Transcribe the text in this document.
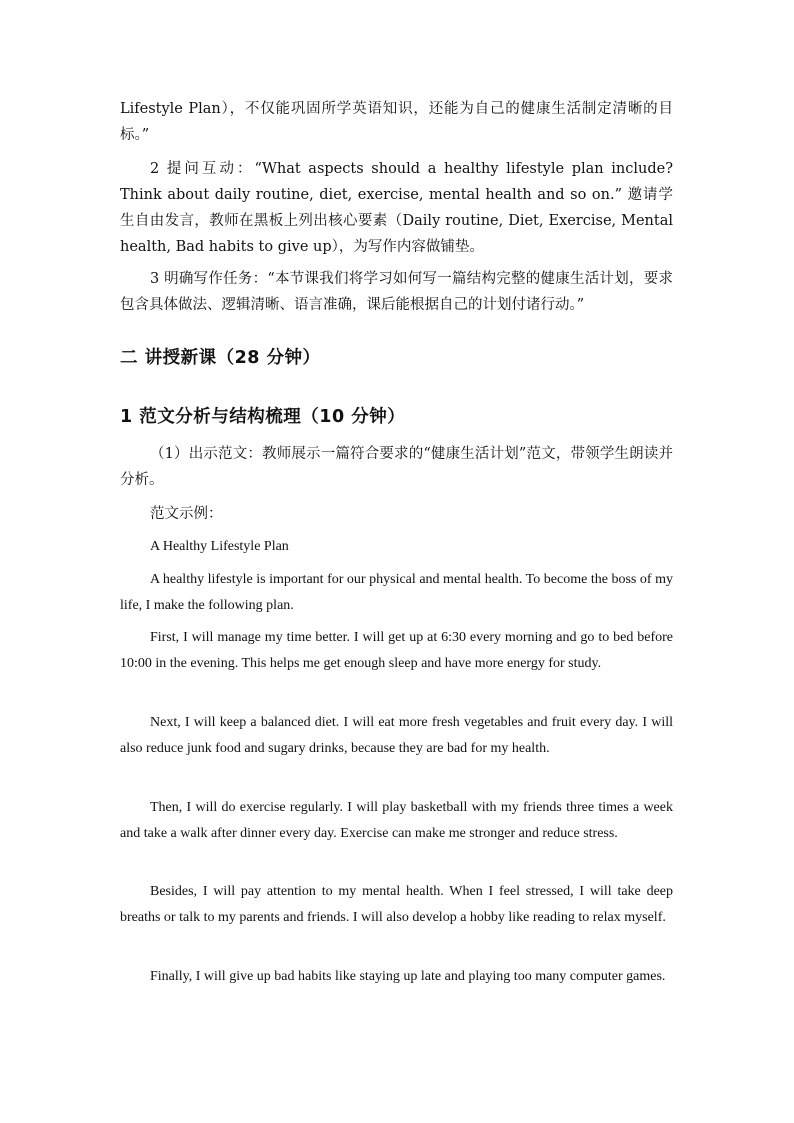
Lifestyle Plan），不仅能巩固所学英语知识，还能为自己的健康生活制定清晰的目标。”

2 提问互动：“What aspects should a healthy lifestyle plan include? Think about daily routine, diet, exercise, mental health and so on.” 邀请学生自由发言，教师在黑板上列出核心要素（Daily routine, Diet, Exercise, Mental health, Bad habits to give up），为写作内容做铺垫。

3 明确写作任务：“本节课我们将学习如何写一篇结构完整的健康生活计划，要求包含具体做法、逻辑清晰、语言准确，课后能根据自己的计划付诸行动。”

二 讲授新课（28 分钟）
1 范文分析与结构梳理（10 分钟）

（1）出示范文：教师展示一篇符合要求的“健康生活计划”范文，带领学生朗读并分析。

范文示例：

A Healthy Lifestyle Plan

A healthy lifestyle is important for our physical and mental health. To become the boss of my life, I make the following plan.

First, I will manage my time better. I will get up at 6:30 every morning and go to bed before 10:00 in the evening. This helps me get enough sleep and have more energy for study.

Next, I will keep a balanced diet. I will eat more fresh vegetables and fruit every day. I will also reduce junk food and sugary drinks, because they are bad for my health.

Then, I will do exercise regularly. I will play basketball with my friends three times a week and take a walk after dinner every day. Exercise can make me stronger and reduce stress.

Besides, I will pay attention to my mental health. When I feel stressed, I will take deep breaths or talk to my parents and friends. I will also develop a hobby like reading to relax myself.

Finally, I will give up bad habits like staying up late and playing too many computer games.
